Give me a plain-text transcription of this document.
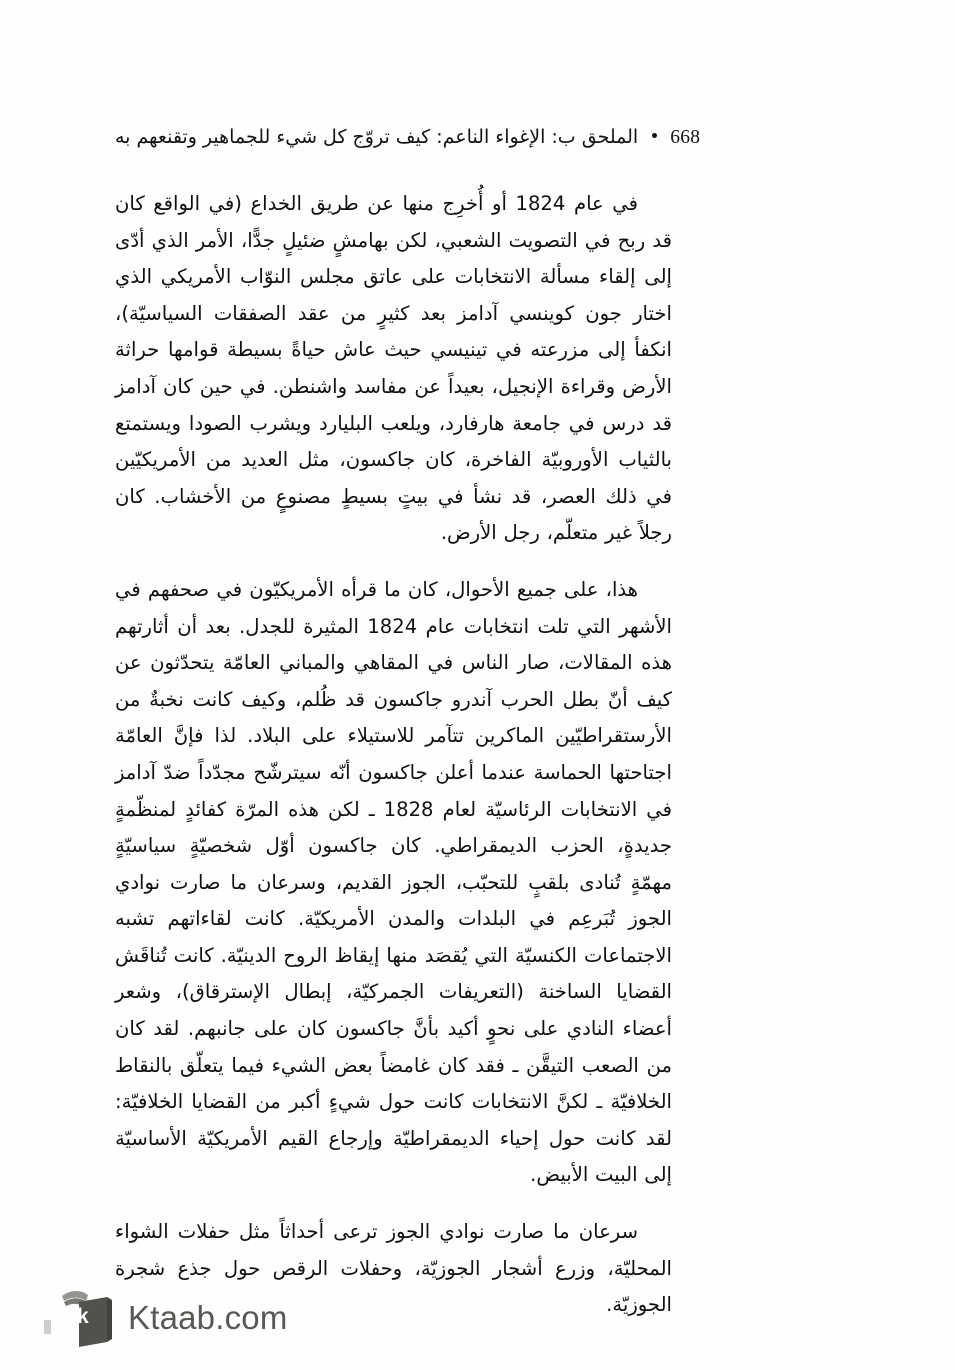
668
الملحق ب: الإغواء الناعم: كيف تروّج كل شيء للجماهير وتقنعهم به

في عام 1824 أو أُخرِج منها عن طريق الخداع (في الواقع كان قد ربح في التصويت الشعبي، لكن بهامشٍ ضئيلٍ جدًّا، الأمر الذي أدّى إلى إلقاء مسألة الانتخابات على عاتق مجلس النوّاب الأمريكي الذي اختار جون كوينسي آدامز بعد كثيرٍ من عقد الصفقات السياسيّة)، انكفأ إلى مزرعته في تينيسي حيث عاش حياةً بسيطة قوامها حراثة الأرض وقراءة الإنجيل، بعيداً عن مفاسد واشنطن. في حين كان آدامز قد درس في جامعة هارفارد، ويلعب البليارد ويشرب الصودا ويستمتع بالثياب الأوروبيّة الفاخرة، كان جاكسون، مثل العديد من الأمريكيّين في ذلك العصر، قد نشأ في بيتٍ بسيطٍ مصنوعٍ من الأخشاب. كان رجلاً غير متعلّم، رجل الأرض.

هذا، على جميع الأحوال، كان ما قرأه الأمريكيّون في صحفهم في الأشهر التي تلت انتخابات عام 1824 المثيرة للجدل. بعد أن أثارتهم هذه المقالات، صار الناس في المقاهي والمباني العامّة يتحدّثون عن كيف أنّ بطل الحرب آندرو جاكسون قد ظُلم، وكيف كانت نخبةٌ من الأرستقراطيّين الماكرين تتآمر للاستيلاء على البلاد. لذا فإنَّ العامّة اجتاحتها الحماسة عندما أعلن جاكسون أنّه سيترشّح مجدّداً ضدّ آدامز في الانتخابات الرئاسيّة لعام 1828 ـ لكن هذه المرّة كفائدٍ لمنظّمةٍ جديدةٍ، الحزب الديمقراطي. كان جاكسون أوّل شخصيّةٍ سياسيّةٍ مهمّةٍ تُنادى بلقبٍ للتحبّب، الجوز القديم، وسرعان ما صارت نوادي الجوز تُبَرعِم في البلدات والمدن الأمريكيّة. كانت لقاءاتهم تشبه الاجتماعات الكنسيّة التي يُقصَد منها إيقاظ الروح الدينيّة. كانت تُناقَش القضايا الساخنة (التعريفات الجمركيّة، إبطال الإسترقاق)، وشعر أعضاء النادي على نحوٍ أكيد بأنَّ جاكسون كان على جانبهم. لقد كان من الصعب التيقَّن ـ فقد كان غامضاً بعض الشيء فيما يتعلّق بالنقاط الخلافيّة ـ لكنَّ الانتخابات كانت حول شيءٍ أكبر من القضايا الخلافيّة: لقد كانت حول إحياء الديمقراطيّة وإرجاع القيم الأمريكيّة الأساسيّة إلى البيت الأبيض.

سرعان ما صارت نوادي الجوز ترعى أحداثاً مثل حفلات الشواء المحليّة، وزرع أشجار الجوزيّة، وحفلات الرقص حول جذع شجرة الجوزيّة.

k Ktaab.com
